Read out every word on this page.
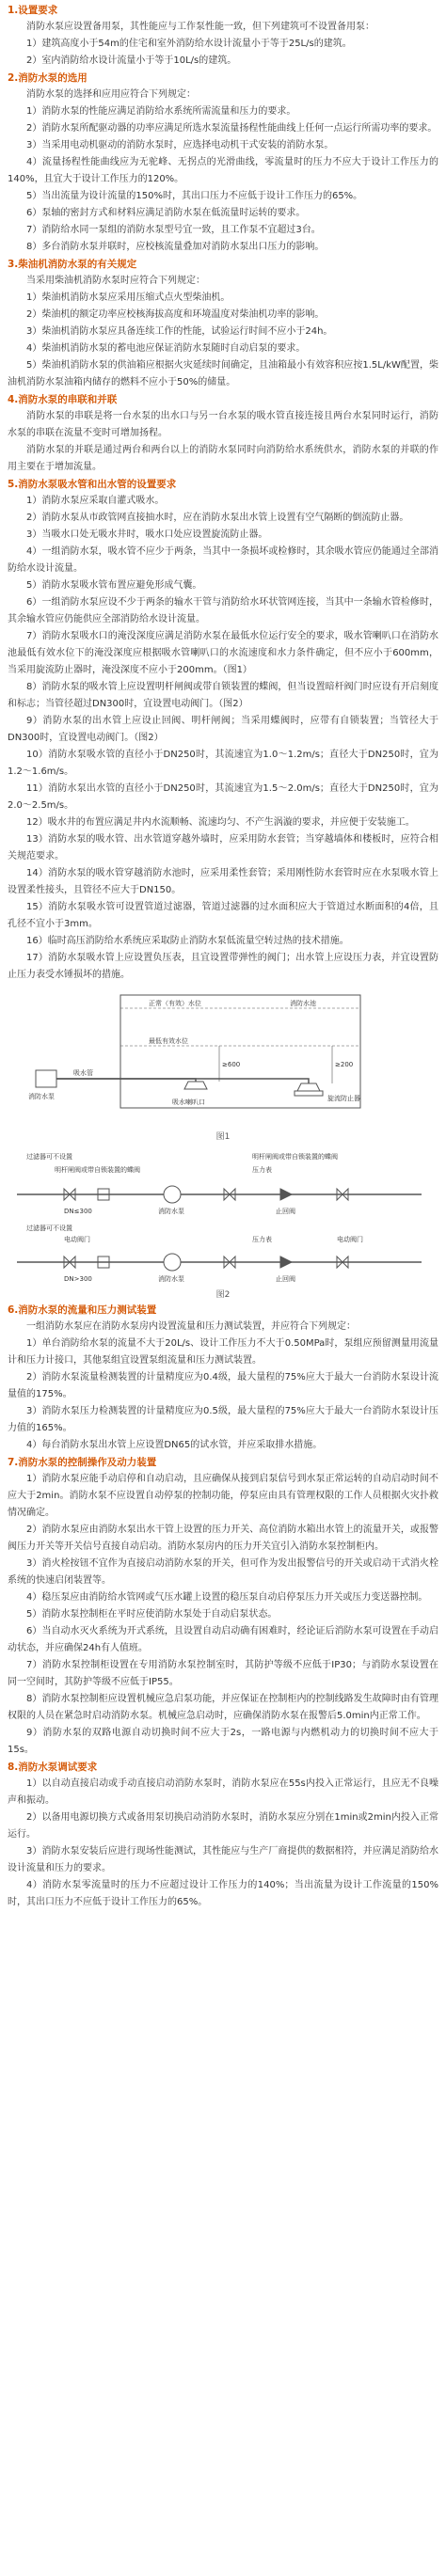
1.设置要求

消防水泵应设置备用泵，其性能应与工作泵性能一致，但下列建筑可不设置备用泵：

1）建筑高度小于54m的住宅和室外消防给水设计流量小于等于25L/s的建筑。

2）室内消防给水设计流量小于等于10L/s的建筑。

2.消防水泵的选用

消防水泵的选择和应用应符合下列规定：

1）消防水泵的性能应满足消防给水系统所需流量和压力的要求。

2）消防水泵所配驱动器的功率应满足所选水泵流量扬程性能曲线上任何一点运行所需功率的要求。

3）当采用电动机驱动的消防水泵时，应选择电动机干式安装的消防水泵。

4）流量扬程性能曲线应为无驼峰、无拐点的光滑曲线，零流量时的压力不应大于设计工作压力的140%，且宜大于设计工作压力的120%。

5）当出流量为设计流量的150%时，其出口压力不应低于设计工作压力的65%。

6）泵轴的密封方式和材料应满足消防水泵在低流量时运转的要求。

7）消防给水同一泵组的消防水泵型号宜一致，且工作泵不宜超过3台。

8）多台消防水泵并联时，应校核流量叠加对消防水泵出口压力的影响。

3.柴油机消防水泵的有关规定

当采用柴油机消防水泵时应符合下列规定：

1）柴油机消防水泵应采用压缩式点火型柴油机。

2）柴油机的额定功率应校核海拔高度和环境温度对柴油机功率的影响。

3）柴油机消防水泵应具备连续工作的性能，试验运行时间不应小于24h。

4）柴油机消防水泵的蓄电池应保证消防水泵随时自动启泵的要求。

5）柴油机消防水泵的供油箱应根据火灾延续时间确定，且油箱最小有效容积应按1.5L/kW配置，柴油机消防水泵油箱内储存的燃料不应小于50%的储量。

4.消防水泵的串联和并联

消防水泵的串联是将一台水泵的出水口与另一台水泵的吸水管直接连接且两台水泵同时运行，消防水泵的串联在流量不变时可增加扬程。

消防水泵的并联是通过两台和两台以上的消防水泵同时向消防给水系统供水，消防水泵的并联的作用主要在于增加流量。

5.消防水泵吸水管和出水管的设置要求

1）消防水泵应采取自灌式吸水。

2）消防水泵从市政管网直接抽水时，应在消防水泵出水管上设置有空气隔断的倒流防止器。

3）当吸水口处无吸水井时，吸水口处应设置旋流防止器。

4）一组消防水泵，吸水管不应少于两条，当其中一条损坏或检修时，其余吸水管应仍能通过全部消防给水设计流量。

5）消防水泵吸水管布置应避免形成气囊。

6）一组消防水泵应设不少于两条的输水干管与消防给水环状管网连接，当其中一条输水管检修时，其余输水管应仍能供应全部消防给水设计流量。

7）消防水泵吸水口的淹没深度应满足消防水泵在最低水位运行安全的要求，吸水管喇叭口在消防水池最低有效水位下的淹没深度应根据吸水管喇叭口的水流速度和水力条件确定，但不应小于600mm，当采用旋流防止器时，淹没深度不应小于200mm。（图1）

8）消防水泵的吸水管上应设置明杆闸阀或带自锁装置的蝶阀，但当设置暗杆阀门时应设有开启刻度和标志；当管径超过DN300时，宜设置电动阀门。（图2）

9）消防水泵的出水管上应设止回阀、明杆闸阀；当采用蝶阀时，应带有自锁装置；当管径大于DN300时，宜设置电动阀门。（图2）

10）消防水泵吸水管的直径小于DN250时，其流速宜为1.0～1.2m/s；直径大于DN250时，宜为1.2～1.6m/s。

11）消防水泵出水管的直径小于DN250时，其流速宜为1.5～2.0m/s；直径大于DN250时，宜为2.0～2.5m/s。

12）吸水井的布置应满足井内水流顺畅、流速均匀、不产生涡漩的要求，并应便于安装施工。

13）消防水泵的吸水管、出水管道穿越外墙时，应采用防水套管；当穿越墙体和楼板时，应符合相关规范要求。

14）消防水泵的吸水管穿越消防水池时，应采用柔性套管；采用刚性防水套管时应在水泵吸水管上设置柔性接头，且管径不应大于DN150。

15）消防水泵吸水管可设置管道过滤器，管道过滤器的过水面积应大于管道过水断面积的4倍，且孔径不宜小于3mm。

16）临时高压消防给水系统应采取防止消防水泵低流量空转过热的技术措施。

17）消防水泵吸水管上应设置负压表，且宜设置带弹性的阀门；出水管上应设压力表，并宜设置防止压力表受水锤损坏的措施。

正常（有效）水位	消防水池
最低有效水位
消防水泵
吸水管
吸水喇叭口	旋流防止器
≥600	≥200
图1
过滤器可不设置
明杆闸阀或带自锁装置的蝶阀
明杆闸阀或带自锁装置的蝶阀
压力表
消防水泵	止回阀
DN≤300
过滤器可不设置
电动阀门	电动阀门
压力表
消防水泵	止回阀
DN>300
图2
6.消防水泵的流量和压力测试装置

一组消防水泵应在消防水泵房内设置流量和压力测试装置，并应符合下列规定：

1）单台消防给水泵的流量不大于20L/s、设计工作压力不大于0.50MPa时，泵组应预留测量用流量计和压力计接口，其他泵组宜设置泵组流量和压力测试装置。

2）消防水泵流量检测装置的计量精度应为0.4级，最大量程的75%应大于最大一台消防水泵设计流量值的175%。

3）消防水泵压力检测装置的计量精度应为0.5级，最大量程的75%应大于最大一台消防水泵设计压力值的165%。

4）每台消防水泵出水管上应设置DN65的试水管，并应采取排水措施。

7.消防水泵的控制操作及动力装置

1）消防水泵应能手动启停和自动启动，且应确保从接到启泵信号到水泵正常运转的自动启动时间不应大于2min。消防水泵不应设置自动停泵的控制功能，停泵应由具有管理权限的工作人员根据火灾扑救情况确定。

2）消防水泵应由消防水泵出水干管上设置的压力开关、高位消防水箱出水管上的流量开关，或报警阀压力开关等开关信号直接自动启动。消防水泵房内的压力开关宜引入消防水泵控制柜内。

3）消火栓按钮不宜作为直接启动消防水泵的开关，但可作为发出报警信号的开关或启动干式消火栓系统的快速启闭装置等。

4）稳压泵应由消防给水管网或气压水罐上设置的稳压泵自动启停泵压力开关或压力变送器控制。

5）消防水泵控制柜在平时应使消防水泵处于自动启泵状态。

6）当自动水灭火系统为开式系统，且设置自动启动确有困难时，经论证后消防水泵可设置在手动启动状态，并应确保24h有人值班。

7）消防水泵控制柜设置在专用消防水泵控制室时，其防护等级不应低于IP30；与消防水泵设置在同一空间时，其防护等级不应低于IP55。

8）消防水泵控制柜应设置机械应急启泵功能，并应保证在控制柜内的控制线路发生故障时由有管理权限的人员在紧急时启动消防水泵。机械应急启动时，应确保消防水泵在报警后5.0min内正常工作。

9）消防水泵的双路电源自动切换时间不应大于2s，一路电源与内燃机动力的切换时间不应大于15s。

8.消防水泵调试要求

1）以自动直接启动或手动直接启动消防水泵时，消防水泵应在55s内投入正常运行，且应无不良噪声和振动。

2）以备用电源切换方式或备用泵切换启动消防水泵时，消防水泵应分别在1min或2min内投入正常运行。

3）消防水泵安装后应进行现场性能测试，其性能应与生产厂商提供的数据相符，并应满足消防给水设计流量和压力的要求。

4）消防水泵零流量时的压力不应超过设计工作压力的140%；当出流量为设计工作流量的150%时，其出口压力不应低于设计工作压力的65%。
